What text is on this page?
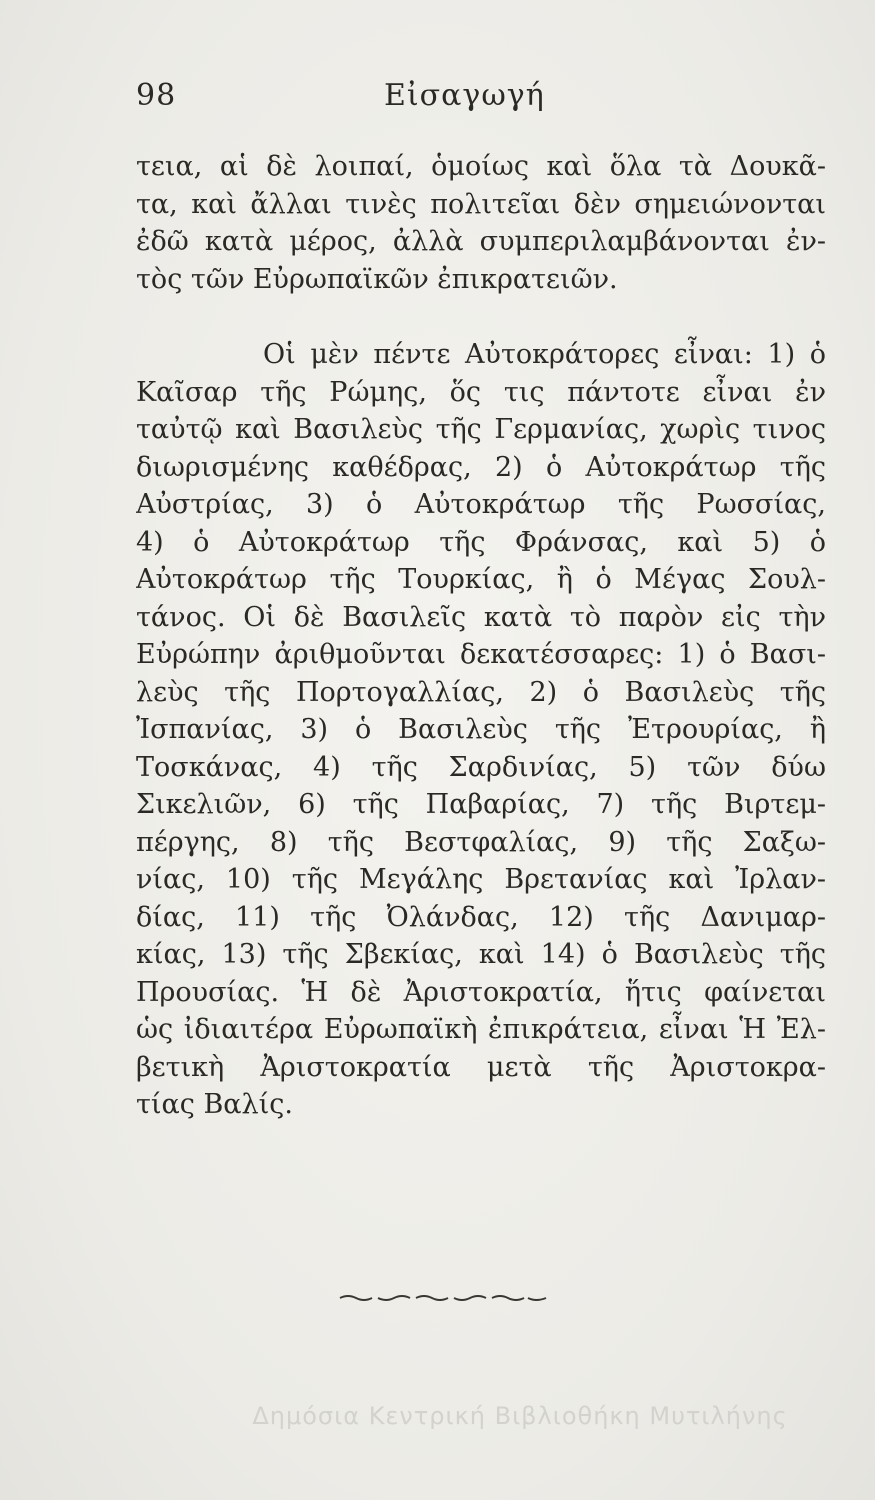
98	Εἰσαγωγή
τεια, αἱ δὲ λοιπαί, ὁμοίως καὶ ὅλα τὰ Δουκᾶ-
τα, καὶ ἄλλαι τινὲς πολιτεῖαι δὲν σημειώνονται
ἐδῶ κατὰ μέρος, ἀλλὰ συμπεριλαμβάνονται ἐν-
τὸς τῶν Εὐρωπαϊκῶν ἐπικρατειῶν.
Οἱ μὲν πέντε Αὐτοκράτορες εἶναι: 1) ὁ
Καῖσαρ τῆς Ρώμης, ὅς τις πάντοτε εἶναι ἐν
ταὐτῷ καὶ Βασιλεὺς τῆς Γερμανίας, χωρὶς τινος
διωρισμένης καθέδρας, 2) ὁ Αὐτοκράτωρ τῆς
Αὐστρίας, 3) ὁ Αὐτοκράτωρ τῆς Ρωσσίας,
4) ὁ Αὐτοκράτωρ τῆς Φράνσας, καὶ 5) ὁ
Αὐτοκράτωρ τῆς Τουρκίας, ἢ ὁ Μέγας Σουλ-
τάνος. Οἱ δὲ Βασιλεῖς κατὰ τὸ παρὸν εἰς τὴν
Εὐρώπην ἀριθμοῦνται δεκατέσσαρες: 1) ὁ Βασι-
λεὺς τῆς Πορτογαλλίας, 2) ὁ Βασιλεὺς τῆς
Ἰσπανίας, 3) ὁ Βασιλεὺς τῆς Ἐτρουρίας, ἢ
Τοσκάνας, 4) τῆς Σαρδινίας, 5) τῶν δύω
Σικελιῶν, 6) τῆς Παβαρίας, 7) τῆς Βιρτεμ-
πέργης, 8) τῆς Βεστφαλίας, 9) τῆς Σαξω-
νίας, 10) τῆς Μεγάλης Βρετανίας καὶ Ἰρλαν-
δίας, 11) τῆς Ὀλάνδας, 12) τῆς Δανιμαρ-
κίας, 13) τῆς Σβεκίας, καὶ 14) ὁ Βασιλεὺς τῆς
Προυσίας. Ἡ δὲ Ἀριστοκρατία, ἥτις φαίνεται
ὡς ἰδιαιτέρα Εὐρωπαϊκὴ ἐπικράτεια, εἶναι Ἡ Ἐλ-
βετικὴ Ἀριστοκρατία μετὰ τῆς Ἀριστοκρα-
τίας Βαλίς.
Δημόσια Κεντρική Βιβλιοθήκη Μυτιλήνης
